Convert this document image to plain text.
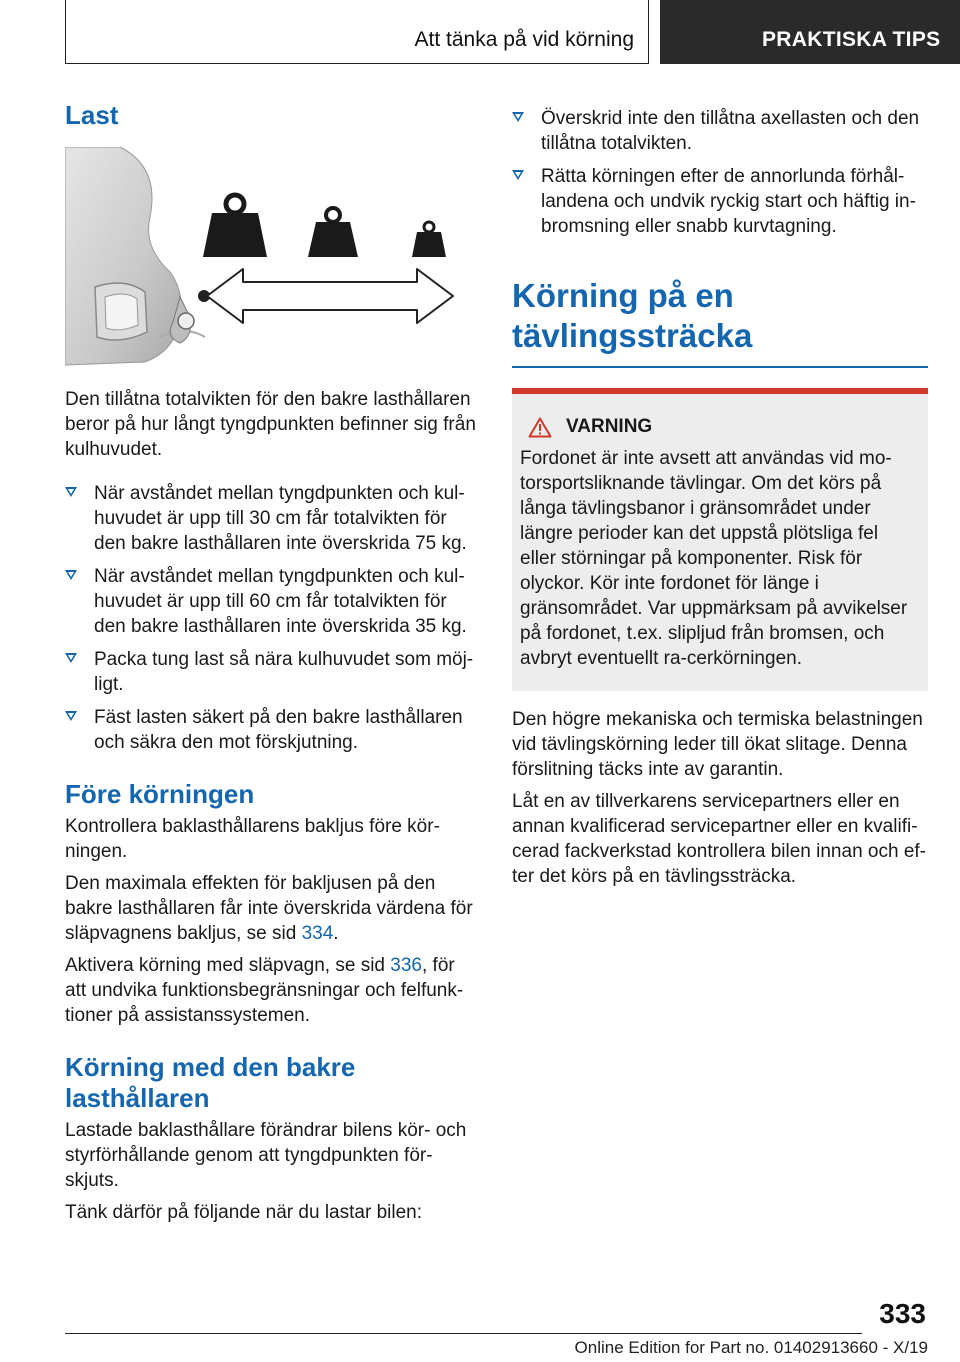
Att tänka på vid körning	PRAKTISKA TIPS
Last

Den tillåtna totalvikten för den bakre lasthållaren beror på hur långt tyngdpunkten befinner sig från kulhuvudet.

När avståndet mellan tyngdpunkten och kul-huvudet är upp till 30 cm får totalvikten för den bakre lasthållaren inte överskrida 75 kg.
När avståndet mellan tyngdpunkten och kul-huvudet är upp till 60 cm får totalvikten för den bakre lasthållaren inte överskrida 35 kg.
Packa tung last så nära kulhuvudet som möj-ligt.
Fäst lasten säkert på den bakre lasthållaren och säkra den mot förskjutning.
Före körningen

Kontrollera baklasthållarens bakljus före kör-ningen.

Den maximala effekten för bakljusen på den bakre lasthållaren får inte överskrida värdena för släpvagnens bakljus, se sid 334.

Aktivera körning med släpvagn, se sid 336, för att undvika funktionsbegränsningar och felfunk-tioner på assistanssystemen.

Körning med den bakre lasthållaren

Lastade baklasthållare förändrar bilens kör- och styrförhållande genom att tyngdpunkten för-skjuts.

Tänk därför på följande när du lastar bilen:

Överskrid inte den tillåtna axellasten och den tillåtna totalvikten.
Rätta körningen efter de annorlunda förhål-landena och undvik ryckig start och häftig in-bromsning eller snabb kurvtagning.
Körning på en tävlingssträcka
VARNING

Fordonet är inte avsett att användas vid mo-torsportsliknande tävlingar. Om det körs på långa tävlingsbanor i gränsområdet under längre perioder kan det uppstå plötsliga fel eller störningar på komponenter. Risk för olyckor. Kör inte fordonet för länge i gränsområdet. Var uppmärksam på avvikelser på fordonet, t.ex. slipljud från bromsen, och avbryt eventuellt ra-cerkörningen.

Den högre mekaniska och termiska belastningen vid tävlingskörning leder till ökat slitage. Denna förslitning täcks inte av garantin.

Låt en av tillverkarens servicepartners eller en annan kvalificerad servicepartner eller en kvalifi-cerad fackverkstad kontrollera bilen innan och ef-ter det körs på en tävlingssträcka.

333
Online Edition for Part no. 01402913660 - X/19
